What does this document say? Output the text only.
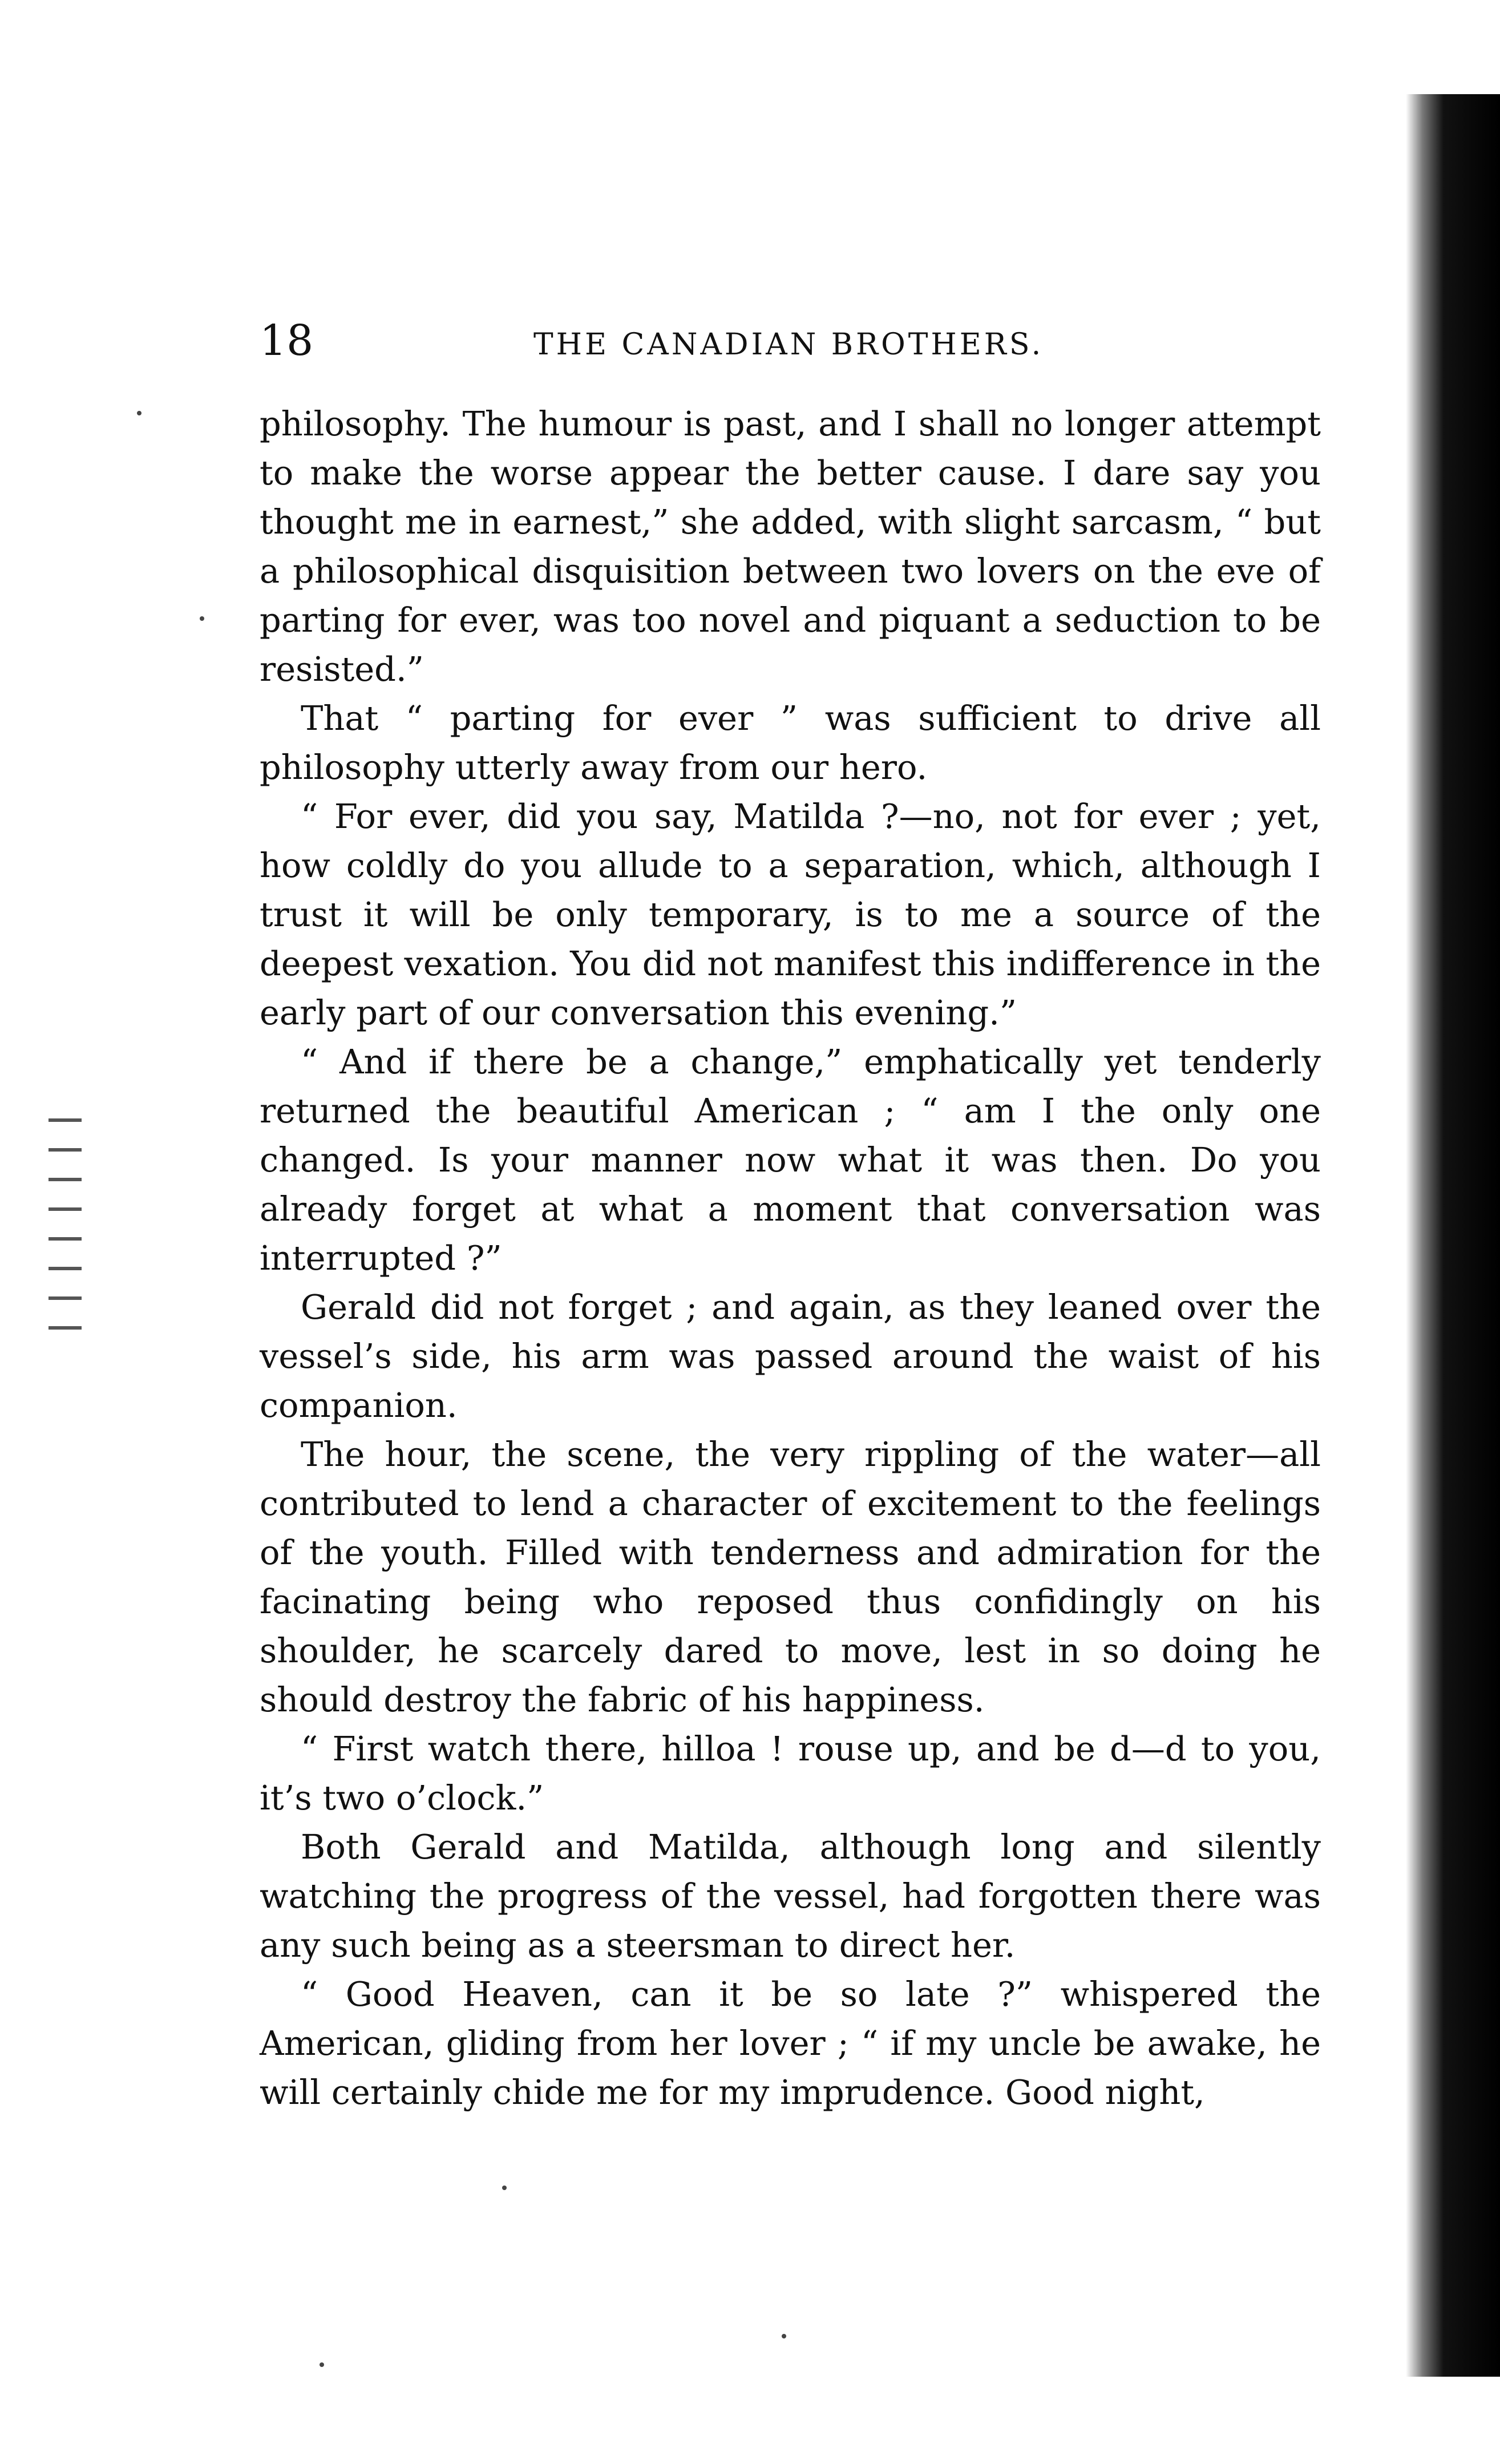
18	THE CANADIAN BROTHERS.

philosophy. The humour is past, and I shall no longer attempt to make the worse appear the better cause. I dare say you thought me in earnest,” she added, with slight sarcasm, “ but a philosophical disquisition between two lovers on the eve of parting for ever, was too novel and piquant a seduction to be resisted.”

That “ parting for ever ” was sufficient to drive all philosophy utterly away from our hero.

“ For ever, did you say, Matilda ?—no, not for ever ; yet, how coldly do you allude to a separation, which, although I trust it will be only temporary, is to me a source of the deepest vexation. You did not manifest this indifference in the early part of our conversation this evening.”

“ And if there be a change,” emphatically yet tenderly returned the beautiful American ; “ am I the only one changed. Is your manner now what it was then. Do you already forget at what a moment that conversation was interrupted ?”

Gerald did not forget ; and again, as they leaned over the vessel’s side, his arm was passed around the waist of his companion.

The hour, the scene, the very rippling of the water—all contributed to lend a character of excitement to the feelings of the youth. Filled with tenderness and admiration for the facinating being who reposed thus confidingly on his shoulder, he scarcely dared to move, lest in so doing he should destroy the fabric of his happiness.

“ First watch there, hilloa ! rouse up, and be d—d to you, it’s two o’clock.”

Both Gerald and Matilda, although long and silently watching the progress of the vessel, had forgotten there was any such being as a steersman to direct her.

“ Good Heaven, can it be so late ?” whispered the American, gliding from her lover ; “ if my uncle be awake, he will certainly chide me for my imprudence. Good night,
